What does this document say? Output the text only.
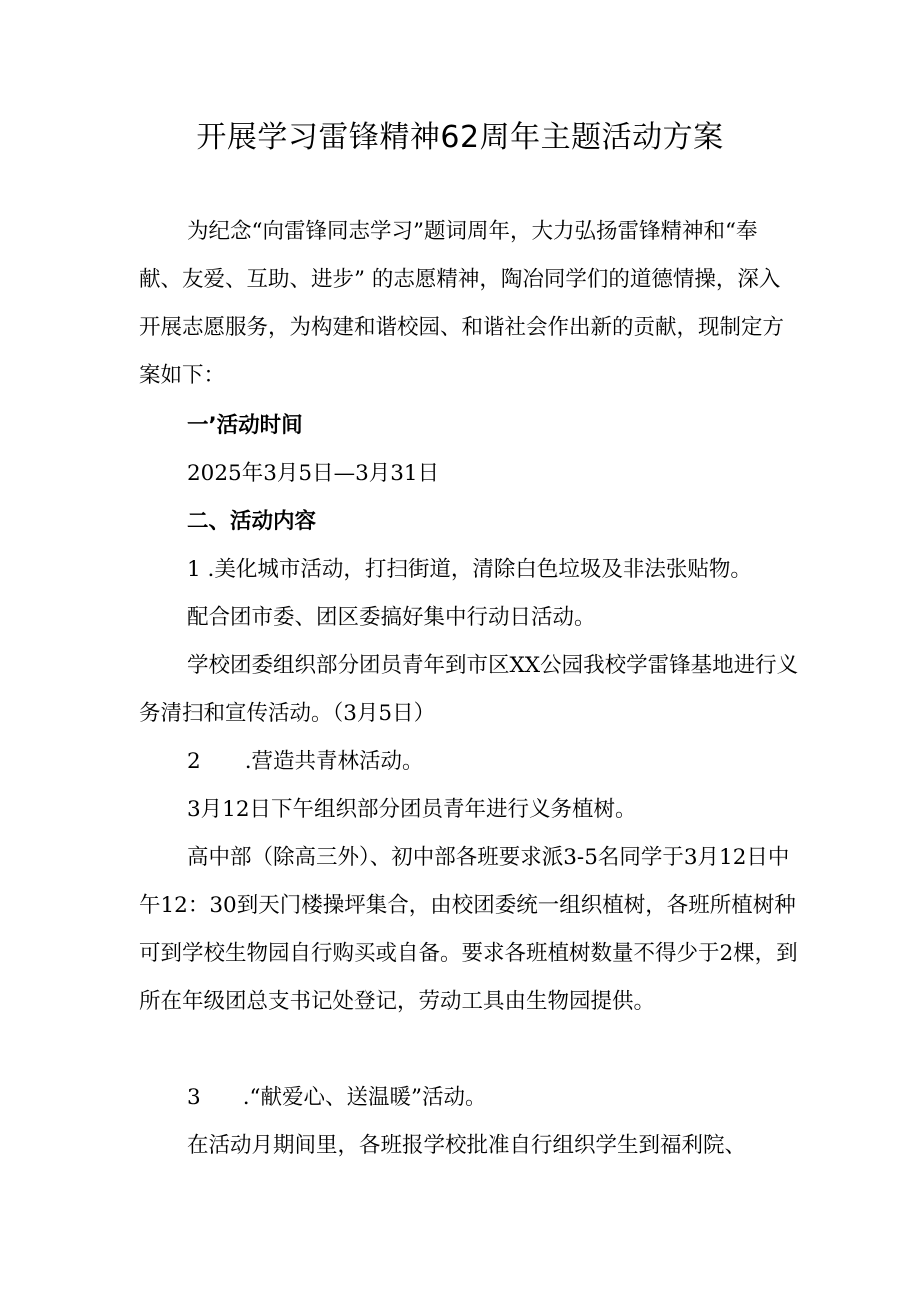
开展学习雷锋精神62周年主题活动方案
为纪念“向雷锋同志学习”题词周年，大力弘扬雷锋精神和“奉献、友爱、互助、进步” 的志愿精神，陶冶同学们的道德情操，深入开展志愿服务，为构建和谐校园、和谐社会作出新的贡献，现制定方案如下：
一’活动时间
2025年3月5日—3月31日
二、活动内容
1 .美化城市活动，打扫街道，清除白色垃圾及非法张贴物。
配合团市委、团区委搞好集中行动日活动。
学校团委组织部分团员青年到市区XX公园我校学雷锋基地进行义务清扫和宣传活动。（3月5日）
2 .营造共青林活动。
3月12日下午组织部分团员青年进行义务植树。
高中部（除高三外）、初中部各班要求派3-5名同学于3月12日中午12：30到天门楼操坪集合，由校团委统一组织植树，各班所植树种可到学校生物园自行购买或自备。要求各班植树数量不得少于2棵，到所在年级团总支书记处登记，劳动工具由生物园提供。
3 .“献爱心、送温暖”活动。
在活动月期间里，各班报学校批准自行组织学生到福利院、
